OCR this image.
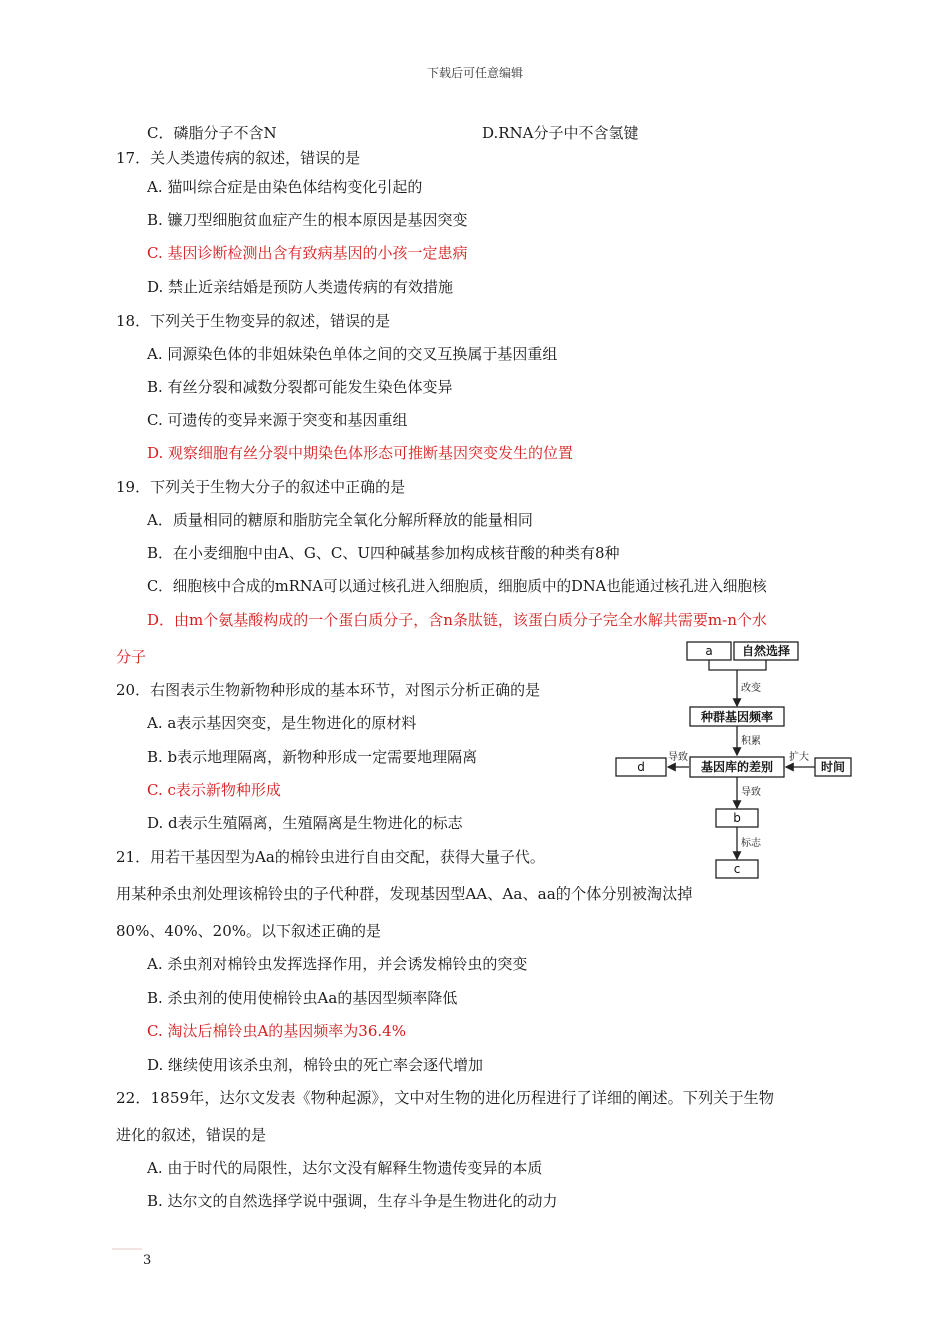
下载后可任意编辑
C．磷脂分子不含N	D.RNA分子中不含氢键
17．关人类遗传病的叙述，错误的是
A. 猫叫综合症是由染色体结构变化引起的
B. 镰刀型细胞贫血症产生的根本原因是基因突变
C. 基因诊断检测出含有致病基因的小孩一定患病
D. 禁止近亲结婚是预防人类遗传病的有效措施
18．下列关于生物变异的叙述，错误的是
A. 同源染色体的非姐妹染色单体之间的交叉互换属于基因重组
B. 有丝分裂和减数分裂都可能发生染色体变异
C. 可遗传的变异来源于突变和基因重组
D. 观察细胞有丝分裂中期染色体形态可推断基因突变发生的位置
19．下列关于生物大分子的叙述中正确的是
A．质量相同的糖原和脂肪完全氧化分解所释放的能量相同
B．在小麦细胞中由A、G、C、U四种碱基参加构成核苷酸的种类有8种
C．细胞核中合成的mRNA可以通过核孔进入细胞质，细胞质中的DNA也能通过核孔进入细胞核
D．由m个氨基酸构成的一个蛋白质分子，含n条肽链，该蛋白质分子完全水解共需要m-n个水
分子
20．右图表示生物新物种形成的基本环节，对图示分析正确的是
A. a表示基因突变，是生物进化的原材料
B. b表示地理隔离，新物种形成一定需要地理隔离
C. c表示新物种形成
D. d表示生殖隔离，生殖隔离是生物进化的标志
21．用若干基因型为Aa的棉铃虫进行自由交配，获得大量子代。
用某种杀虫剂处理该棉铃虫的子代种群，发现基因型AA、Aa、aa的个体分别被淘汰掉
80%、40%、20%。以下叙述正确的是
A. 杀虫剂对棉铃虫发挥选择作用，并会诱发棉铃虫的突变
B. 杀虫剂的使用使棉铃虫Aa的基因型频率降低
C. 淘汰后棉铃虫A的基因频率为36.4%
D. 继续使用该杀虫剂，棉铃虫的死亡率会逐代增加
22．1859年，达尔文发表《物种起源》，文中对生物的进化历程进行了详细的阐述。下列关于生物
进化的叙述，错误的是
A. 由于时代的局限性，达尔文没有解释生物遗传变异的本质
B. 达尔文的自然选择学说中强调，生存斗争是生物进化的动力
a 自然选择
改变
种群基因频率
积累
d
导致
基因库的差别
扩大
时间
导致
b
标志
c
3
